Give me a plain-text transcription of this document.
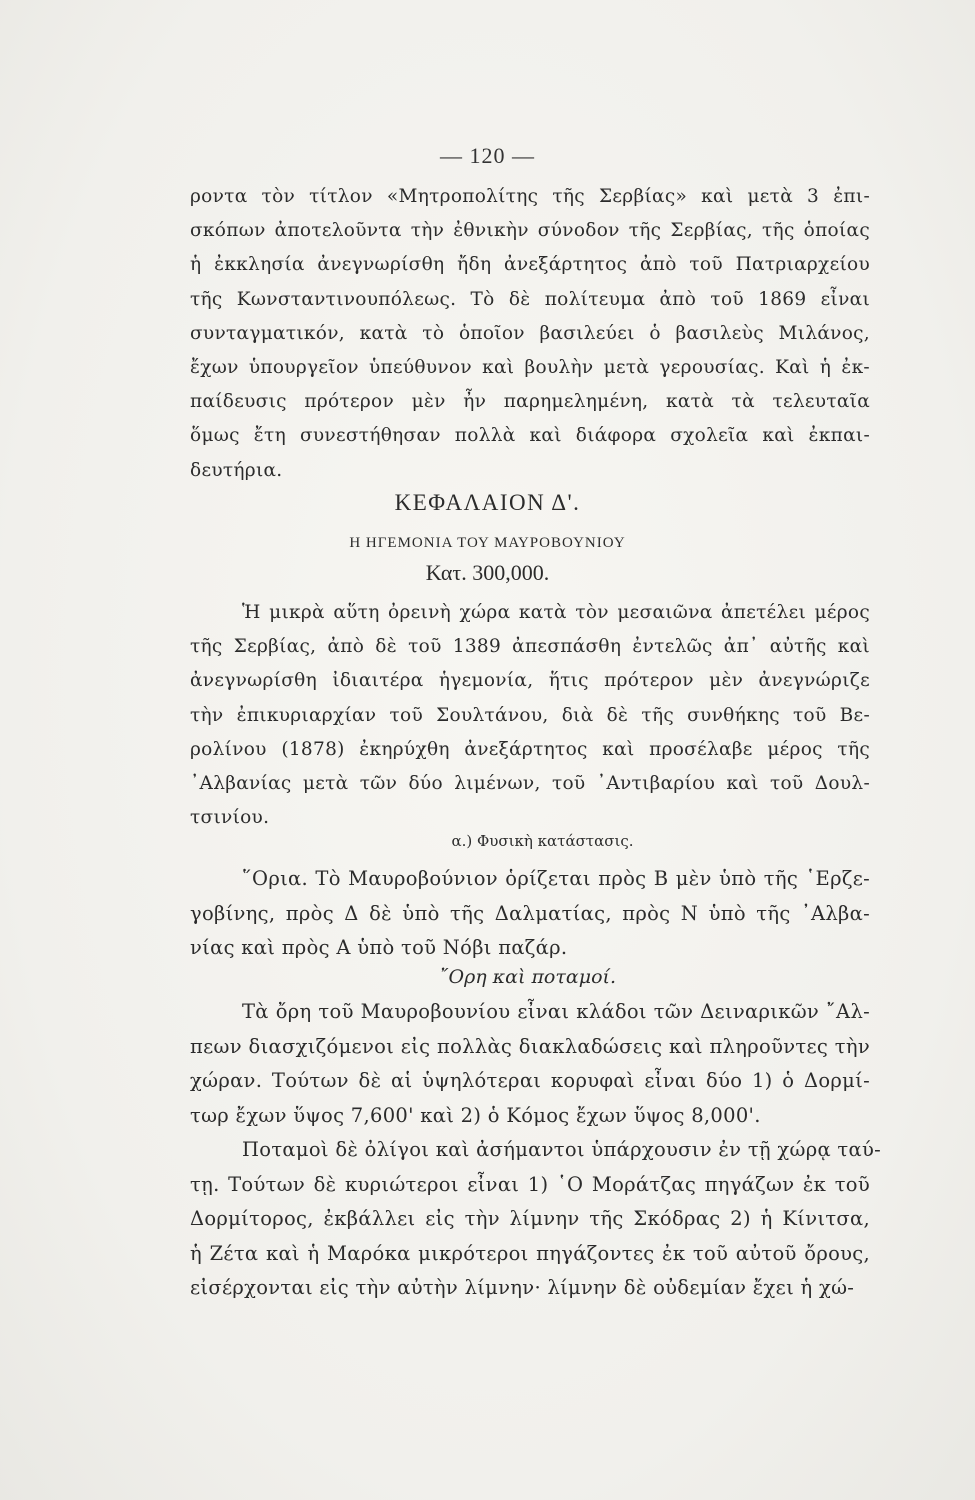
— 120 —

ροντα τὸν τίτλον «Μητροπολίτης τῆς Σερβίας» καὶ μετὰ 3 ἐπι-
σκόπων ἀποτελοῦντα τὴν ἐθνικὴν σύνοδον τῆς Σερβίας, τῆς ὁποίας
ἡ ἐκκλησία ἀνεγνωρίσθη ἤδη ἀνεξάρτητος ἀπὸ τοῦ Πατριαρχείου
τῆς Κωνσταντινουπόλεως. Τὸ δὲ πολίτευμα ἀπὸ τοῦ 1869 εἶναι
συνταγματικόν, κατὰ τὸ ὁποῖον βασιλεύει ὁ βασιλεὺς Μιλάνος,
ἔχων ὑπουργεῖον ὑπεύθυνον καὶ βουλὴν μετὰ γερουσίας. Καὶ ἡ ἐκ-
παίδευσις πρότερον μὲν ἦν παρημελημένη, κατὰ τὰ τελευταῖα
ὅμως ἔτη συνεστήθησαν πολλὰ καὶ διάφορα σχολεῖα καὶ ἐκπαι-
δευτήρια.

ΚΕΦΑΛΑΙΟΝ Δ'.
Η ΗΓΕΜΟΝΙΑ ΤΟΥ ΜΑΥΡΟΒΟΥΝΙΟΥ
Κατ. 300,000.

Ἡ μικρὰ αὕτη ὀρεινὴ χώρα κατὰ τὸν μεσαιῶνα ἀπετέλει μέρος
τῆς Σερβίας, ἀπὸ δὲ τοῦ 1389 ἀπεσπάσθη ἐντελῶς ἀπ᾽ αὐτῆς καὶ
ἀνεγνωρίσθη ἰδιαιτέρα ἡγεμονία, ἥτις πρότερον μὲν ἀνεγνώριζε
τὴν ἐπικυριαρχίαν τοῦ Σουλτάνου, διὰ δὲ τῆς συνθήκης τοῦ Βε-
ρολίνου (1878) ἐκηρύχθη ἀνεξάρτητος καὶ προσέλαβε μέρος τῆς
᾽Αλβανίας μετὰ τῶν δύο λιμένων, τοῦ ᾽Αντιβαρίου καὶ τοῦ Δουλ-
τσινίου.

α.) Φυσικὴ κατάστασις.

῞Ορια. Τὸ Μαυροβούνιον ὁρίζεται πρὸς Β μὲν ὑπὸ τῆς ῾Ερζε-
γοβίνης, πρὸς Δ δὲ ὑπὸ τῆς Δαλματίας, πρὸς Ν ὑπὸ τῆς ᾽Αλβα-
νίας καὶ πρὸς Α ὑπὸ τοῦ Νόβι παζάρ.

῎Ορη καὶ ποταμοί.

Τὰ ὄρη τοῦ Μαυροβουνίου εἶναι κλάδοι τῶν Δειναρικῶν ῎Αλ-
πεων διασχιζόμενοι εἰς πολλὰς διακλαδώσεις καὶ πληροῦντες τὴν
χώραν. Τούτων δὲ αἱ ὑψηλότεραι κορυφαὶ εἶναι δύο 1) ὁ Δορμί-
τωρ ἔχων ὕψος 7,600' καὶ 2) ὁ Κόμος ἔχων ὕψος 8,000'.

Ποταμοὶ δὲ ὀλίγοι καὶ ἀσήμαντοι ὑπάρχουσιν ἐν τῇ χώρᾳ ταύ-
τῃ. Τούτων δὲ κυριώτεροι εἶναι 1) ῾Ο Μοράτζας πηγάζων ἐκ τοῦ
Δορμίτορος, ἐκβάλλει εἰς τὴν λίμνην τῆς Σκόδρας 2) ἡ Κίνιτσα,
ἡ Ζέτα καὶ ἡ Μαρόκα μικρότεροι πηγάζοντες ἐκ τοῦ αὐτοῦ ὄρους,
εἰσέρχονται εἰς τὴν αὐτὴν λίμνην· λίμνην δὲ οὐδεμίαν ἔχει ἡ χώ-
